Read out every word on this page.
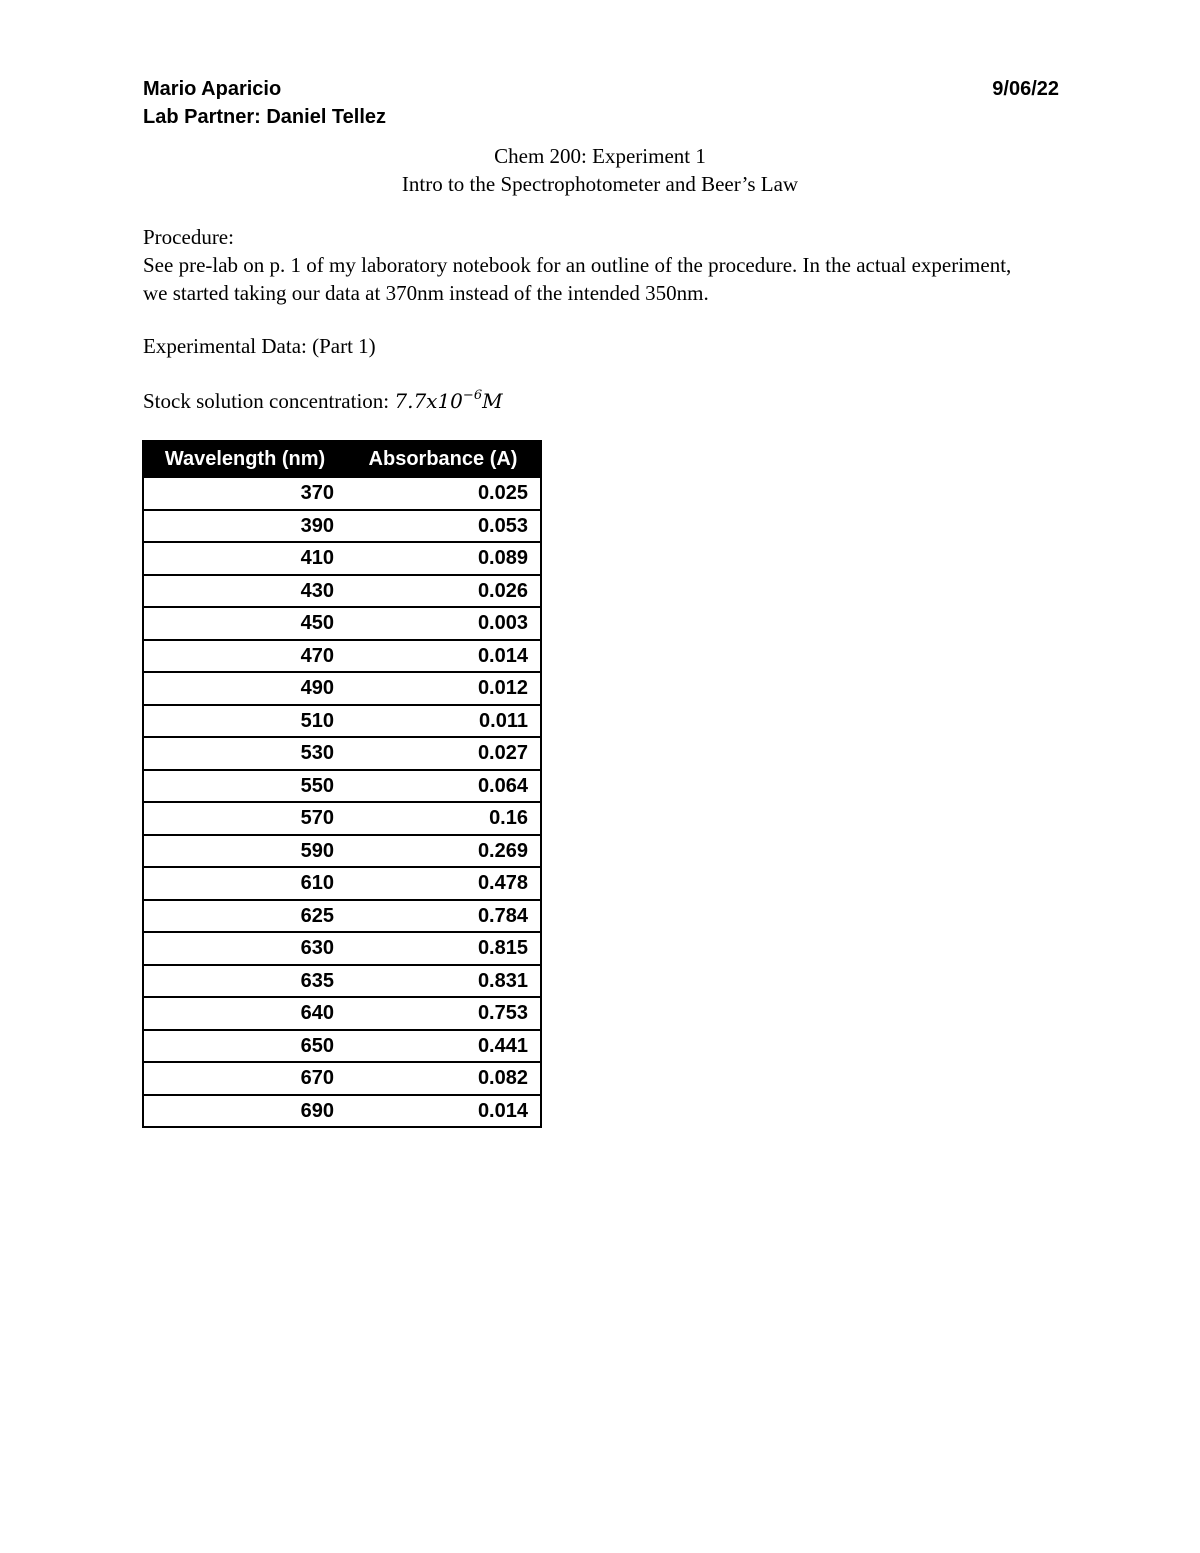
Mario Aparicio
Lab Partner: Daniel Tellez
9/06/22
Chem 200: Experiment 1
Intro to the Spectrophotometer and Beer’s Law
Procedure:
See pre-lab on p. 1 of my laboratory notebook for an outline of the procedure. In the actual experiment, we started taking our data at 370nm instead of the intended 350nm.
Experimental Data: (Part 1)
Stock solution concentration: $7.7x10^{-6}M$
Wavelength (nm)	Absorbance (A)
370	0.025
390	0.053
410	0.089
430	0.026
450	0.003
470	0.014
490	0.012
510	0.011
530	0.027
550	0.064
570	0.16
590	0.269
610	0.478
625	0.784
630	0.815
635	0.831
640	0.753
650	0.441
670	0.082
690	0.014
